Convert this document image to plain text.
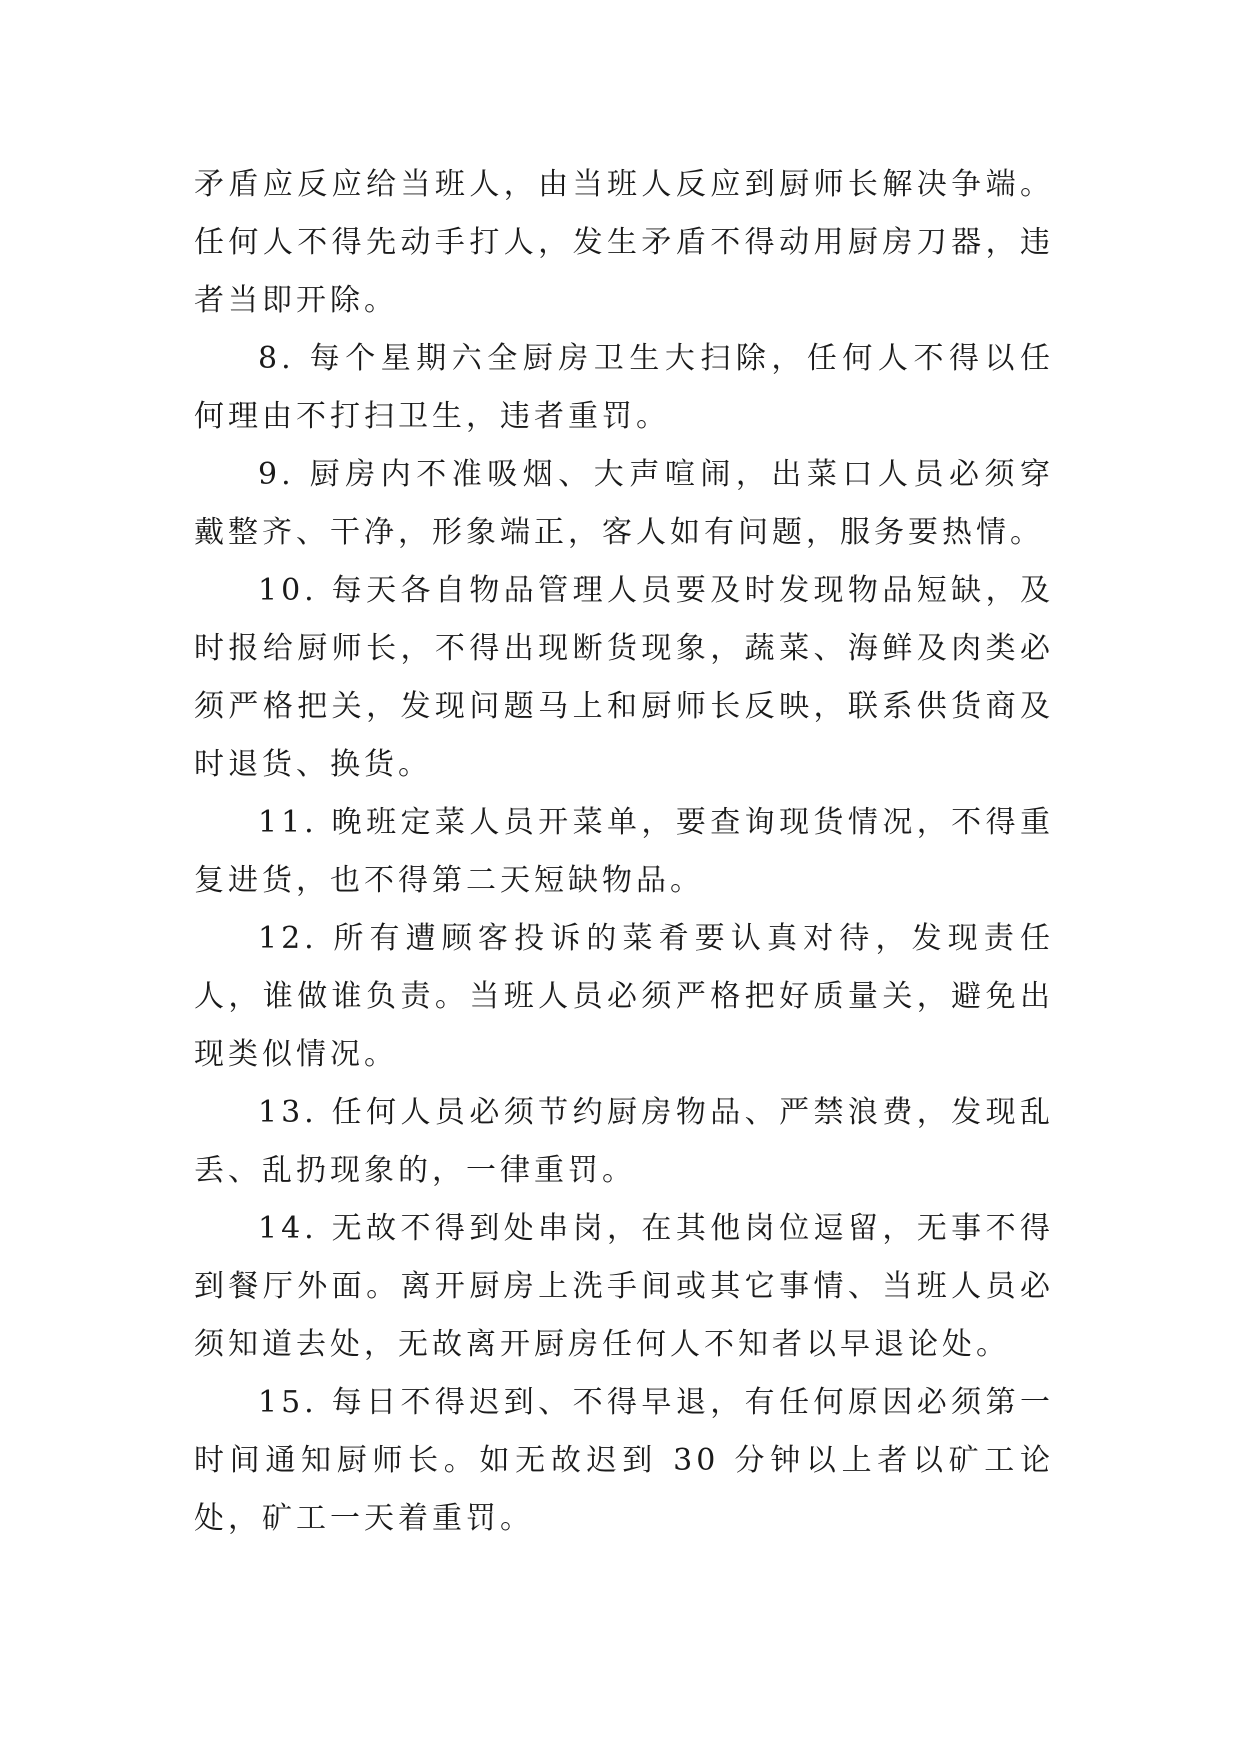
矛盾应反应给当班人，由当班人反应到厨师长解决争端。任何人不得先动手打人，发生矛盾不得动用厨房刀器，违者当即开除。

8. 每个星期六全厨房卫生大扫除，任何人不得以任何理由不打扫卫生，违者重罚。

9. 厨房内不准吸烟、大声喧闹，出菜口人员必须穿戴整齐、干净，形象端正，客人如有问题，服务要热情。

10. 每天各自物品管理人员要及时发现物品短缺，及时报给厨师长，不得出现断货现象，蔬菜、海鲜及肉类必须严格把关，发现问题马上和厨师长反映，联系供货商及时退货、换货。

11. 晚班定菜人员开菜单，要查询现货情况，不得重复进货，也不得第二天短缺物品。

12. 所有遭顾客投诉的菜肴要认真对待，发现责任人，谁做谁负责。当班人员必须严格把好质量关，避免出现类似情况。

13. 任何人员必须节约厨房物品、严禁浪费，发现乱丢、乱扔现象的，一律重罚。

14. 无故不得到处串岗，在其他岗位逗留，无事不得到餐厅外面。离开厨房上洗手间或其它事情、当班人员必须知道去处，无故离开厨房任何人不知者以早退论处。

15. 每日不得迟到、不得早退，有任何原因必须第一时间通知厨师长。如无故迟到 30 分钟以上者以矿工论处，矿工一天着重罚。
